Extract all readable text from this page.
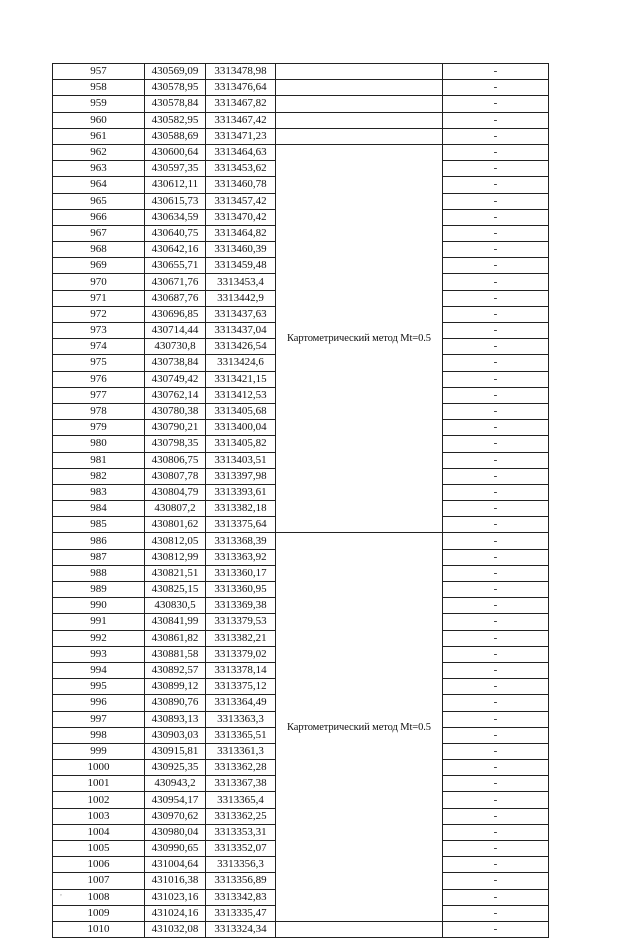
957	430569,09	3313478,98		-
958	430578,95	3313476,64		-
959	430578,84	3313467,82		-
960	430582,95	3313467,42		-
961	430588,69	3313471,23		-
962	430600,64	3313464,63	Картометрический метод Mt=0.5	-
963	430597,35	3313453,62		-
964	430612,11	3313460,78		-
965	430615,73	3313457,42		-
966	430634,59	3313470,42		-
967	430640,75	3313464,82		-
968	430642,16	3313460,39		-
969	430655,71	3313459,48		-
970	430671,76	3313453,4		-
971	430687,76	3313442,9		-
972	430696,85	3313437,63		-
973	430714,44	3313437,04		-
974	430730,8	3313426,54		-
975	430738,84	3313424,6		-
976	430749,42	3313421,15		-
977	430762,14	3313412,53		-
978	430780,38	3313405,68		-
979	430790,21	3313400,04		-
980	430798,35	3313405,82		-
981	430806,75	3313403,51		-
982	430807,78	3313397,98		-
983	430804,79	3313393,61		-
984	430807,2	3313382,18		-
985	430801,62	3313375,64		-
986	430812,05	3313368,39	Картометрический метод Mt=0.5	-
987	430812,99	3313363,92		-
988	430821,51	3313360,17		-
989	430825,15	3313360,95		-
990	430830,5	3313369,38		-
991	430841,99	3313379,53		-
992	430861,82	3313382,21		-
993	430881,58	3313379,02		-
994	430892,57	3313378,14		-
995	430899,12	3313375,12		-
996	430890,76	3313364,49		-
997	430893,13	3313363,3		-
998	430903,03	3313365,51		-
999	430915,81	3313361,3		-
1000	430925,35	3313362,28		-
1001	430943,2	3313367,38		-
1002	430954,17	3313365,4		-
1003	430970,62	3313362,25		-
1004	430980,04	3313353,31		-
1005	430990,65	3313352,07		-
1006	431004,64	3313356,3		-
1007	431016,38	3313356,89		-
1008	431023,16	3313342,83		-
1009	431024,16	3313335,47		-
1010	431032,08	3313324,34		-
,
